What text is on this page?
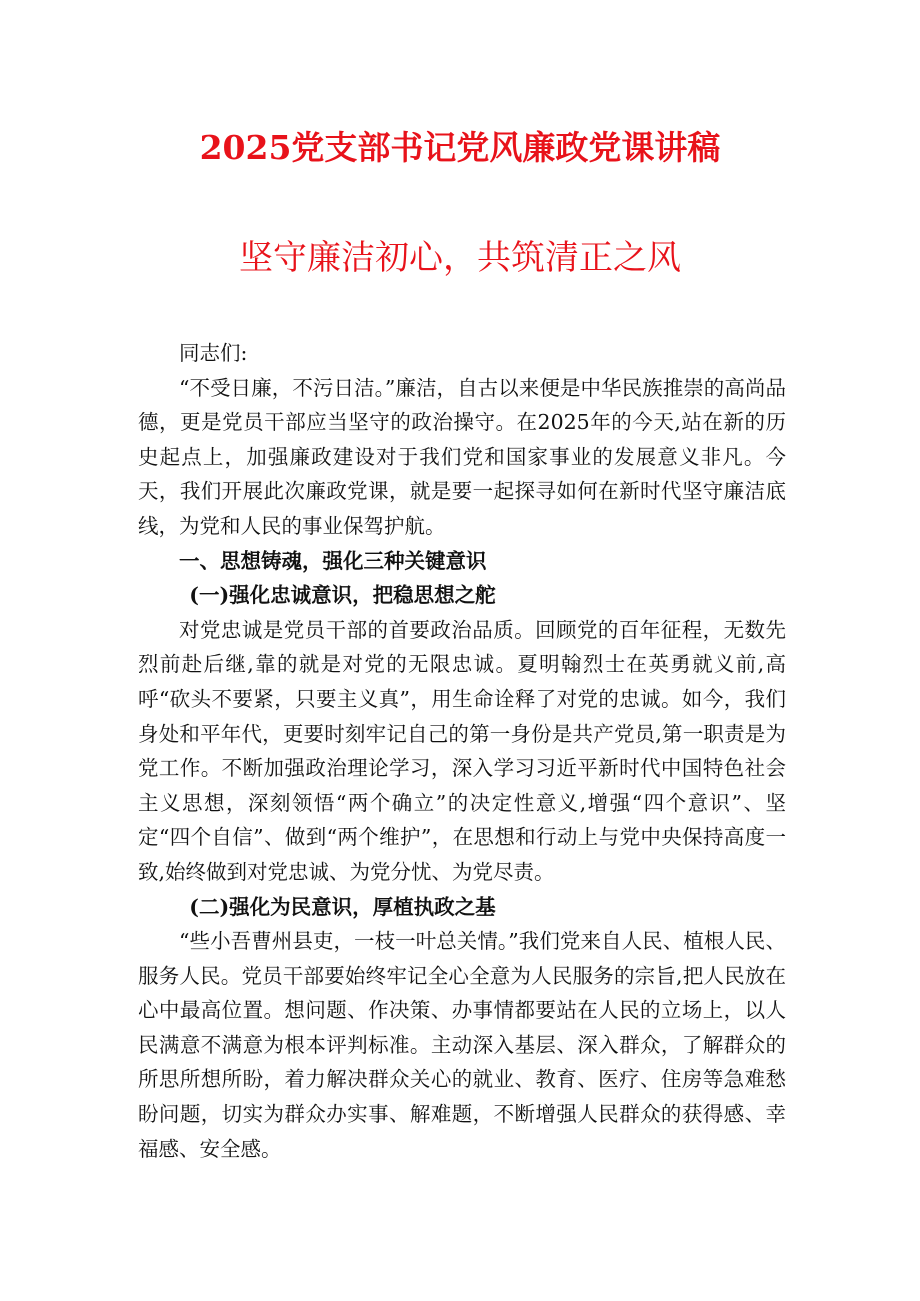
2025党支部书记党风廉政党课讲稿
坚守廉洁初心，共筑清正之风

同志们:

“不受日廉，不污日洁。”廉洁，自古以来便是中华民族推崇的高尚品德，更是党员干部应当坚守的政治操守。在2025年的今天,站在新的历史起点上，加强廉政建设对于我们党和国家事业的发展意义非凡。今天，我们开展此次廉政党课，就是要一起探寻如何在新时代坚守廉洁底线，为党和人民的事业保驾护航。

一、思想铸魂，强化三种关键意识

(一)强化忠诚意识，把稳思想之舵

对党忠诚是党员干部的首要政治品质。回顾党的百年征程，无数先烈前赴后继,靠的就是对党的无限忠诚。夏明翰烈士在英勇就义前,高呼“砍头不要紧，只要主义真”，用生命诠释了对党的忠诚。如今，我们身处和平年代，更要时刻牢记自己的第一身份是共产党员,第一职责是为党工作。不断加强政治理论学习，深入学习习近平新时代中国特色社会主义思想，深刻领悟“两个确立”的决定性意义,增强“四个意识”、坚定“四个自信”、做到“两个维护”，在思想和行动上与党中央保持高度一致,始终做到对党忠诚、为党分忧、为党尽责。

(二)强化为民意识，厚植执政之基

“些小吾曹州县吏，一枝一叶总关情。”我们党来自人民、植根人民、服务人民。党员干部要始终牢记全心全意为人民服务的宗旨,把人民放在心中最高位置。想问题、作决策、办事情都要站在人民的立场上，以人民满意不满意为根本评判标准。主动深入基层、深入群众，了解群众的所思所想所盼，着力解决群众关心的就业、教育、医疗、住房等急难愁盼问题，切实为群众办实事、解难题，不断增强人民群众的获得感、幸福感、安全感。
